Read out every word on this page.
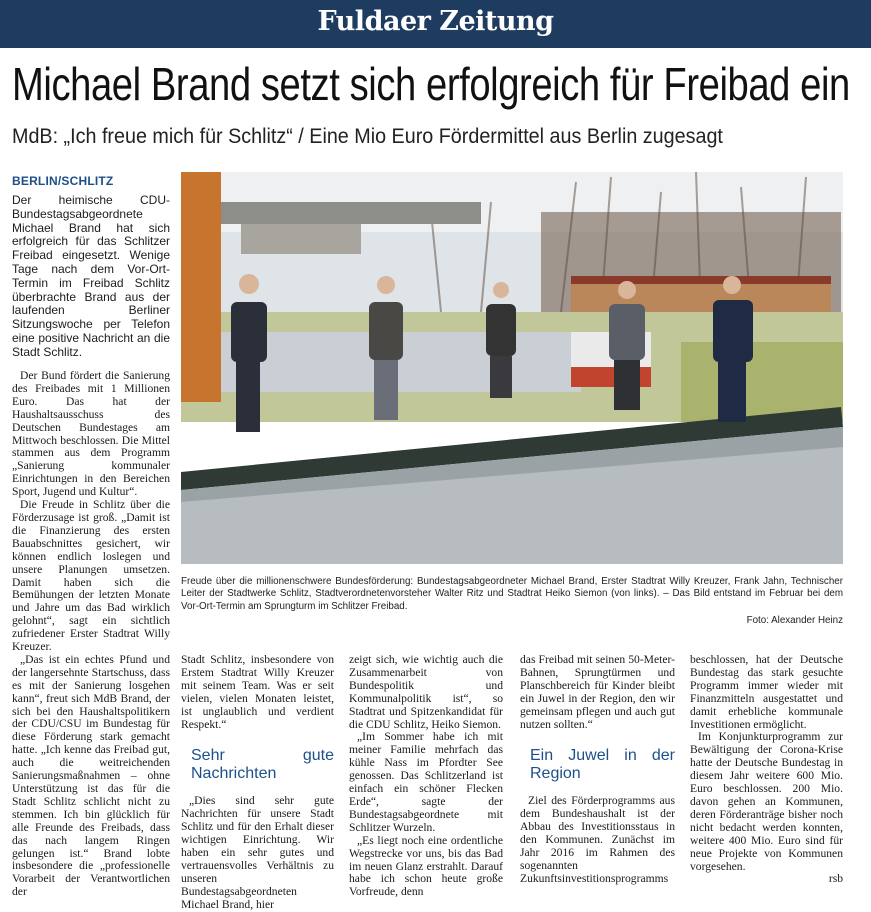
Fuldaer Zeitung
Michael Brand setzt sich erfolgreich für Freibad ein
MdB: „Ich freue mich für Schlitz“ / Eine Mio Euro Fördermittel aus Berlin zugesagt
BERLIN/SCHLITZ
Der heimische CDU-Bundestagsabgeordnete Michael Brand hat sich erfolgreich für das Schlitzer Freibad eingesetzt. Wenige Tage nach dem Vor-Ort-Termin im Freibad Schlitz überbrachte Brand aus der laufenden Berliner Sitzungswoche per Telefon eine positive Nachricht an die Stadt Schlitz.

Der Bund fördert die Sanierung des Freibades mit 1 Millionen Euro. Das hat der Haushaltsausschuss des Deutschen Bundestages am Mittwoch beschlossen. Die Mittel stammen aus dem Programm „Sanierung kommunaler Einrichtungen in den Bereichen Sport, Jugend und Kultur“.

Die Freude in Schlitz über die Förderzusage ist groß. „Damit ist die Finanzierung des ersten Bauabschnittes gesichert, wir können endlich loslegen und unsere Planungen umsetzen. Damit haben sich die Bemühungen der letzten Monate und Jahre um das Bad wirklich gelohnt“, sagt ein sichtlich zufriedener Erster Stadtrat Willy Kreuzer.

„Das ist ein echtes Pfund und der langersehnte Startschuss, dass es mit der Sanierung losgehen kann“, freut sich MdB Brand, der sich bei den Haushaltspolitikern der CDU/CSU im Bundestag für diese Förderung stark gemacht hatte. „Ich kenne das Freibad gut, auch die weitreichenden Sanierungsmaßnahmen – ohne Unterstützung ist das für die Stadt Schlitz schlicht nicht zu stemmen. Ich bin glücklich für alle Freunde des Freibads, dass das nach langem Ringen gelungen ist.“ Brand lobte insbesondere die „professionelle Vorarbeit der Verantwortlichen der

Freude über die millionenschwere Bundesförderung: Bundestagsabgeordneter Michael Brand, Erster Stadtrat Willy Kreuzer, Frank Jahn, Technischer Leiter der Stadtwerke Schlitz, Stadtverordnetenvorsteher Walter Ritz und Stadtrat Heiko Siemon (von links). – Das Bild entstand im Februar bei dem Vor-Ort-Termin am Sprungturm im Schlitzer Freibad.
Foto: Alexander Heinz

Stadt Schlitz, insbesondere von Erstem Stadtrat Willy Kreuzer mit seinem Team. Was er seit vielen, vielen Monaten leistet, ist unglaublich und verdient Respekt.“

Sehr gute Nachrichten

„Dies sind sehr gute Nachrichten für unsere Stadt Schlitz und für den Erhalt dieser wichtigen Einrichtung. Wir haben ein sehr gutes und vertrauensvolles Verhältnis zu unseren Bundestagsabgeordneten Michael Brand, hier

zeigt sich, wie wichtig auch die Zusammenarbeit von Bundespolitik und Kommunalpolitik ist“, so Stadtrat und Spitzenkandidat für die CDU Schlitz, Heiko Siemon.

„Im Sommer habe ich mit meiner Familie mehrfach das kühle Nass im Pfordter See genossen. Das Schlitzerland ist einfach ein schöner Flecken Erde“, sagte der Bundestagsabgeordnete mit Schlitzer Wurzeln.

„Es liegt noch eine ordentliche Wegstrecke vor uns, bis das Bad im neuen Glanz erstrahlt. Darauf habe ich schon heute große Vorfreude, denn

das Freibad mit seinen 50-Meter-Bahnen, Sprungtürmen und Planschbereich für Kinder bleibt ein Juwel in der Region, den wir gemeinsam pflegen und auch gut nutzen sollten.“

Ein Juwel in der Region

Ziel des Förderprogramms aus dem Bundeshaushalt ist der Abbau des Investitionsstaus in den Kommunen. Zunächst im Jahr 2016 im Rahmen des sogenannten Zukunftsinvestitionsprogramms

beschlossen, hat der Deutsche Bundestag das stark gesuchte Programm immer wieder mit Finanzmitteln ausgestattet und damit erhebliche kommunale Investitionen ermöglicht.

Im Konjunkturprogramm zur Bewältigung der Corona-Krise hatte der Deutsche Bundestag in diesem Jahr weitere 600 Mio. Euro beschlossen. 200 Mio. davon gehen an Kommunen, deren Förderanträge bisher noch nicht bedacht werden konnten, weitere 400 Mio. Euro sind für neue Projekte von Kommunen vorgesehen.

rsb
